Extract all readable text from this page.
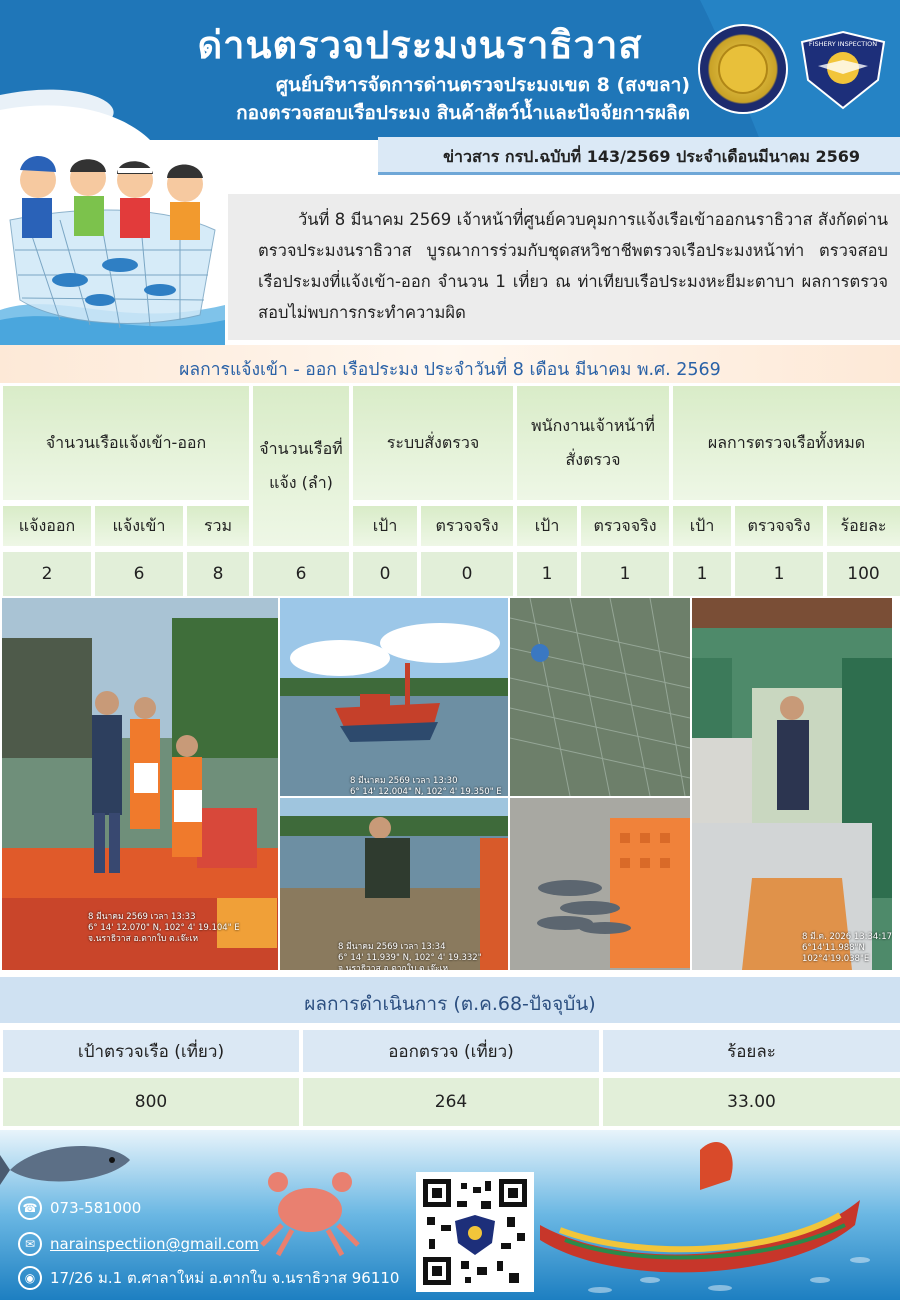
ด่านตรวจประมงนราธิวาส
ศูนย์บริหารจัดการด่านตรวจประมงเขต 8 (สงขลา)
กองตรวจสอบเรือประมง สินค้าสัตว์น้ำและปัจจัยการผลิต
FISHERY INSPECTION
ข่าวสาร กรป.ฉบับที่ 143/2569 ประจำเดือนมีนาคม 2569

วันที่ 8 มีนาคม 2569 เจ้าหน้าที่ศูนย์ควบคุมการแจ้งเรือเข้าออกนราธิวาส สังกัดด่านตรวจประมงนราธิวาส บูรณาการร่วมกับชุดสหวิชาชีพตรวจเรือประมงหน้าท่า ตรวจสอบเรือประมงที่แจ้งเข้า-ออก จำนวน 1 เที่ยว ณ ท่าเทียบเรือประมงหะยีมะตาบา ผลการตรวจสอบไม่พบการกระทำความผิด

ผลการแจ้งเข้า - ออก เรือประมง ประจำวันที่ 8 เดือน มีนาคม พ.ศ. 2569
จำนวนเรือแจ้งเข้า-ออก	จำนวนเรือที่แจ้ง (ลำ)
ระบบสั่งตรวจ
พนักงานเจ้าหน้าที่สั่งตรวจ
ผลการตรวจเรือทั้งหมด
แจ้งออก	แจ้งเข้า	รวม	เป้า	ตรวจจริง	เป้า	ตรวจจริง	เป้า	ตรวจจริง	ร้อยละ
2	6	8	6	0	0	1	1	1	1	100
8 มีนาคม 2569 เวลา 13:33
6° 14' 12.070" N, 102° 4' 19.104" E
จ.นราธิวาส อ.ตากใบ ต.เจ๊ะเห
8 มีนาคม 2569 เวลา 13:30
6° 14' 12.004" N, 102° 4' 19.350" E
8 มี.ค. 2026 13:34:17
6°14'11.988"N 102°4'19.038"E
8 มีนาคม 2569 เวลา 13:34
6° 14' 11.939" N, 102° 4' 19.332"
จ.นราธิวาส อ.ตากใบ ต.เจ๊ะเห
ผลการดำเนินการ (ต.ค.68-ปัจจุบัน)
เป้าตรวจเรือ (เที่ยว)	ออกตรวจ (เที่ยว)	ร้อยละ
800	264	33.00
☎ 073-581000
✉ narainspectiion@gmail.com
◉ 17/26 ม.1 ต.ศาลาใหม่ อ.ตากใบ จ.นราธิวาส 96110
